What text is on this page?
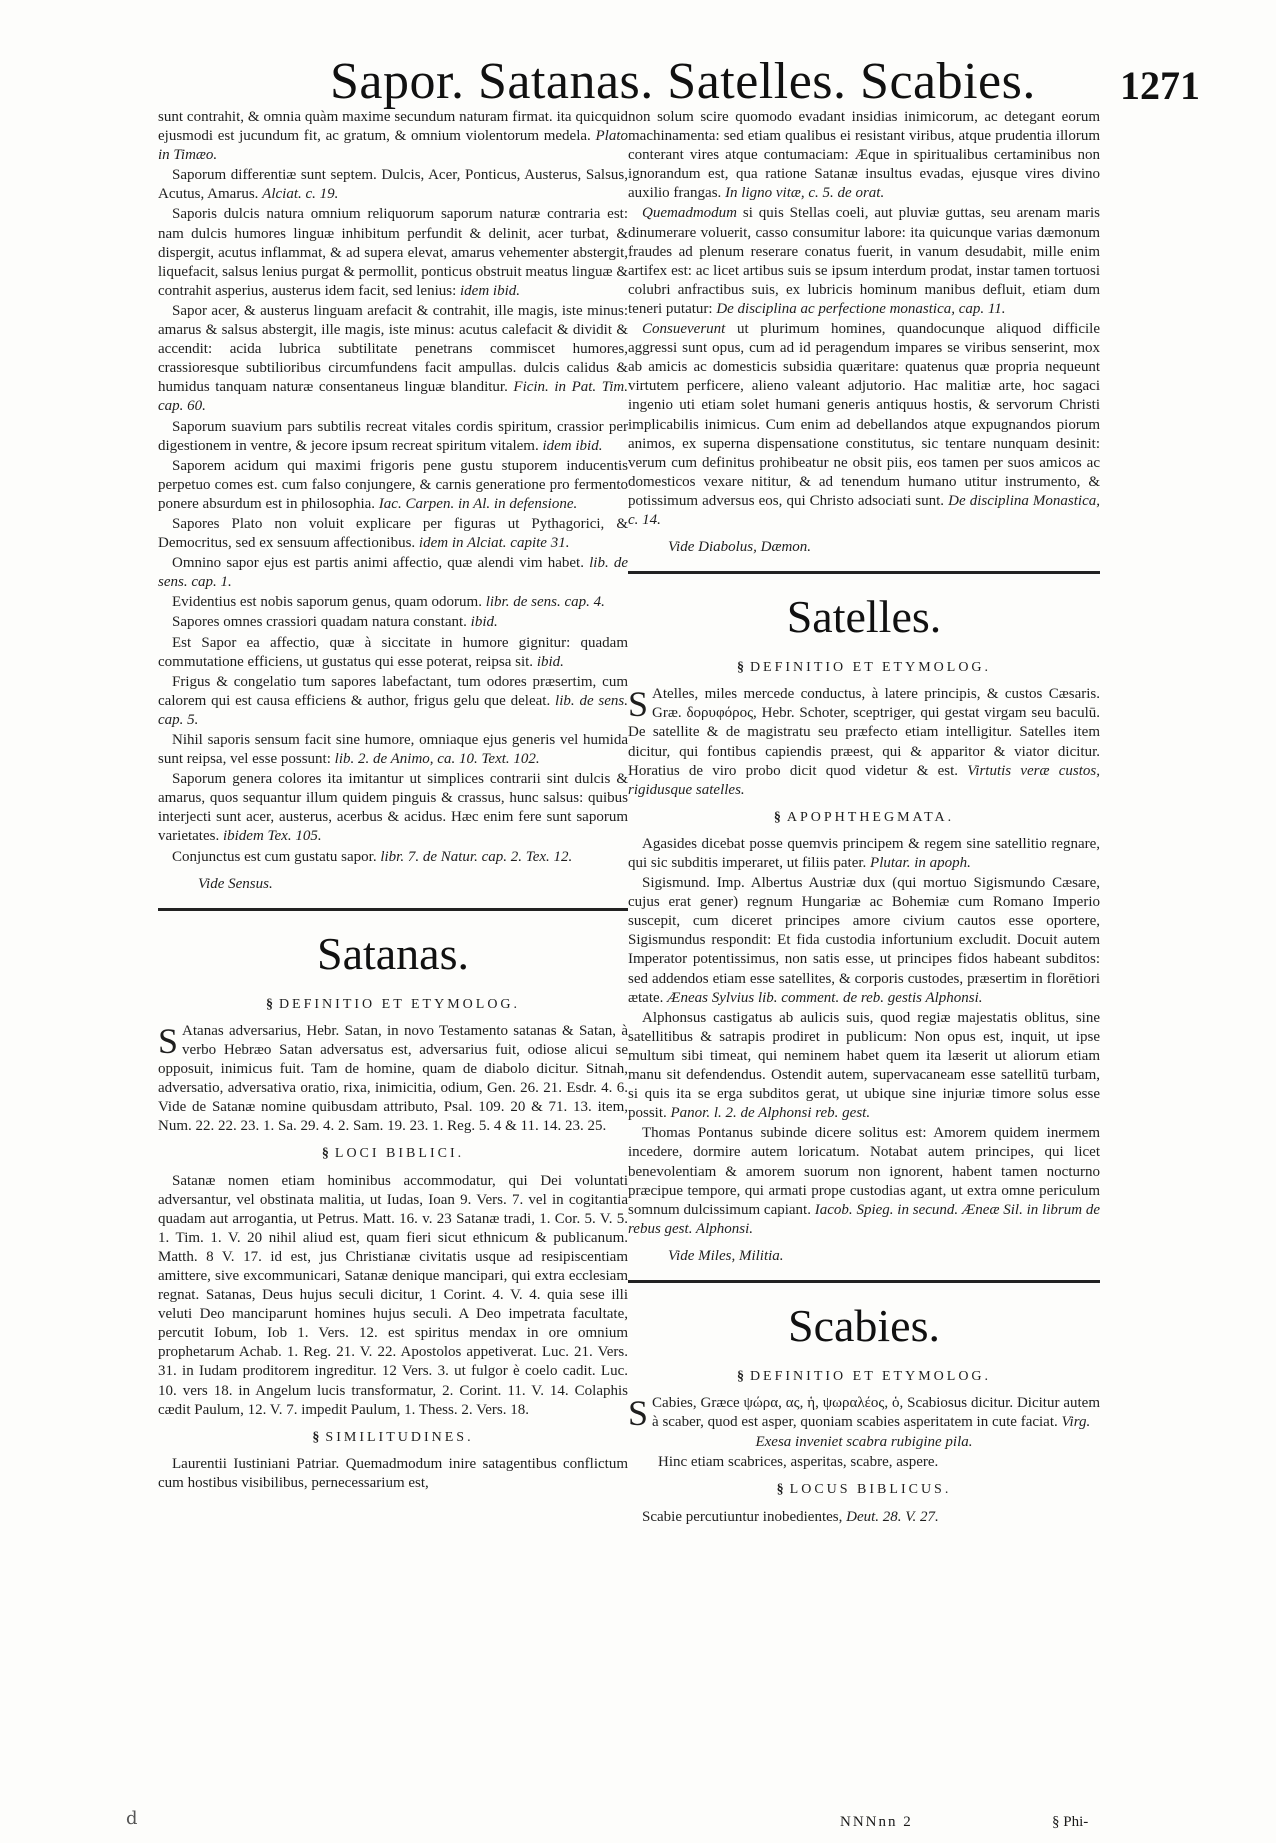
Sapor. Satanas. Satelles. Scabies.	1271

sunt contrahit, & omnia quàm maxime secundum naturam firmat. ita quicquid ejusmodi est jucundum fit, ac gratum, & omnium violentorum medela. Plato in Timæo.

Saporum differentiæ sunt septem. Dulcis, Acer, Ponticus, Austerus, Salsus, Acutus, Amarus. Alciat. c. 19.

Saporis dulcis natura omnium reliquorum saporum naturæ contraria est: nam dulcis humores linguæ inhibitum perfundit & delinit, acer turbat, & dispergit, acutus inflammat, & ad supera elevat, amarus vehementer abstergit, liquefacit, salsus lenius purgat & permollit, ponticus obstruit meatus linguæ & contrahit asperius, austerus idem facit, sed lenius: idem ibid.

Sapor acer, & austerus linguam arefacit & contrahit, ille magis, iste minus: amarus & salsus abstergit, ille magis, iste minus: acutus calefacit & dividit & accendit: acida lubrica subtilitate penetrans commiscet humores, crassioresque subtilioribus circumfundens facit ampullas. dulcis calidus & humidus tanquam naturæ consentaneus linguæ blanditur. Ficin. in Pat. Tim. cap. 60.

Saporum suavium pars subtilis recreat vitales cordis spiritum, crassior per digestionem in ventre, & jecore ipsum recreat spiritum vitalem. idem ibid.

Saporem acidum qui maximi frigoris pene gustu stuporem inducentis perpetuo comes est. cum falso conjungere, & carnis generatione pro fermento ponere absurdum est in philosophia. Iac. Carpen. in Al. in defensione.

Sapores Plato non voluit explicare per figuras ut Pythagorici, & Democritus, sed ex sensuum affectionibus. idem in Alciat. capite 31.

Omnino sapor ejus est partis animi affectio, quæ alendi vim habet. lib. de sens. cap. 1.

Evidentius est nobis saporum genus, quam odorum. libr. de sens. cap. 4.

Sapores omnes crassiori quadam natura constant. ibid.

Est Sapor ea affectio, quæ à siccitate in humore gignitur: quadam commutatione efficiens, ut gustatus qui esse poterat, reipsa sit. ibid.

Frigus & congelatio tum sapores labefactant, tum odores præsertim, cum calorem qui est causa efficiens & author, frigus gelu que deleat. lib. de sens. cap. 5.

Nihil saporis sensum facit sine humore, omniaque ejus generis vel humida sunt reipsa, vel esse possunt: lib. 2. de Animo, ca. 10. Text. 102.

Saporum genera colores ita imitantur ut simplices contrarii sint dulcis & amarus, quos sequantur illum quidem pinguis & crassus, hunc salsus: quibus interjecti sunt acer, austerus, acerbus & acidus. Hæc enim fere sunt saporum varietates. ibidem Tex. 105.

Conjunctus est cum gustatu sapor. libr. 7. de Natur. cap. 2. Tex. 12.

Vide Sensus.

Satanas.
§ DEFINITIO ET ETYMOLOG.

S Atanas adversarius, Hebr. Satan, in novo Testamento satanas & Satan, à verbo Hebræo Satan adversatus est, adversarius fuit, odiose alicui se opposuit, inimicus fuit. Tam de homine, quam de diabolo dicitur. Sitnah, adversatio, adversativa oratio, rixa, inimicitia, odium, Gen. 26. 21. Esdr. 4. 6. Vide de Satanæ nomine quibusdam attributo, Psal. 109. 20 & 71. 13. item, Num. 22. 22. 23. 1. Sa. 29. 4. 2. Sam. 19. 23. 1. Reg. 5. 4 & 11. 14. 23. 25.

§ LOCI BIBLICI.

Satanæ nomen etiam hominibus accommodatur, qui Dei voluntati adversantur, vel obstinata malitia, ut Iudas, Ioan 9. Vers. 7. vel in cogitantia quadam aut arrogantia, ut Petrus. Matt. 16. v. 23 Satanæ tradi, 1. Cor. 5. V. 5. 1. Tim. 1. V. 20 nihil aliud est, quam fieri sicut ethnicum & publicanum. Matth. 8 V. 17. id est, jus Christianæ civitatis usque ad resipiscentiam amittere, sive excommunicari, Satanæ denique mancipari, qui extra ecclesiam regnat. Satanas, Deus hujus seculi dicitur, 1 Corint. 4. V. 4. quia sese illi veluti Deo manciparunt homines hujus seculi. A Deo impetrata facultate, percutit Iobum, Iob 1. Vers. 12. est spiritus mendax in ore omnium prophetarum Achab. 1. Reg. 21. V. 22. Apostolos appetiverat. Luc. 21. Vers. 31. in Iudam proditorem ingreditur. 12 Vers. 3. ut fulgor è coelo cadit. Luc. 10. vers 18. in Angelum lucis transformatur, 2. Corint. 11. V. 14. Colaphis cædit Paulum, 12. V. 7. impedit Paulum, 1. Thess. 2. Vers. 18.

§ SIMILITUDINES.

Laurentii Iustiniani Patriar. Quemadmodum inire satagentibus conflictum cum hostibus visibilibus, pernecessarium est,

non solum scire quomodo evadant insidias inimicorum, ac detegant eorum machinamenta: sed etiam qualibus ei resistant viribus, atque prudentia illorum conterant vires atque contumaciam: Æque in spiritualibus certaminibus non ignorandum est, qua ratione Satanæ insultus evadas, ejusque vires divino auxilio frangas. In ligno vitæ, c. 5. de orat.

Quemadmodum si quis Stellas coeli, aut pluviæ guttas, seu arenam maris dinumerare voluerit, casso consumitur labore: ita quicunque varias dæmonum fraudes ad plenum reserare conatus fuerit, in vanum desudabit, mille enim artifex est: ac licet artibus suis se ipsum interdum prodat, instar tamen tortuosi colubri anfractibus suis, ex lubricis hominum manibus defluit, etiam dum teneri putatur: De disciplina ac perfectione monastica, cap. 11.

Consueverunt ut plurimum homines, quandocunque aliquod difficile aggressi sunt opus, cum ad id peragendum impares se viribus senserint, mox ab amicis ac domesticis subsidia quæritare: quatenus quæ propria nequeunt virtutem perficere, alieno valeant adjutorio. Hac malitiæ arte, hoc sagaci ingenio uti etiam solet humani generis antiquus hostis, & servorum Christi implicabilis inimicus. Cum enim ad debellandos atque expugnandos piorum animos, ex superna dispensatione constitutus, sic tentare nunquam desinit: verum cum definitus prohibeatur ne obsit piis, eos tamen per suos amicos ac domesticos vexare nititur, & ad tenendum humano utitur instrumento, & potissimum adversus eos, qui Christo adsociati sunt. De disciplina Monastica, c. 14.

Vide Diabolus, Dæmon.

Satelles.
§ DEFINITIO ET ETYMOLOG.

S Atelles, miles mercede conductus, à latere principis, & custos Cæsaris. Græ. δορυφόρος, Hebr. Schoter, sceptriger, qui gestat virgam seu baculū. De satellite & de magistratu seu præfecto etiam intelligitur. Satelles item dicitur, qui fontibus capiendis præest, qui & apparitor & viator dicitur. Horatius de viro probo dicit quod videtur & est. Virtutis veræ custos, rigidusque satelles.

§ APOPHTHEGMATA.

Agasides dicebat posse quemvis principem & regem sine satellitio regnare, qui sic subditis imperaret, ut filiis pater. Plutar. in apoph.

Sigismund. Imp. Albertus Austriæ dux (qui mortuo Sigismundo Cæsare, cujus erat gener) regnum Hungariæ ac Bohemiæ cum Romano Imperio suscepit, cum diceret principes amore civium cautos esse oportere, Sigismundus respondit: Et fida custodia infortunium excludit. Docuit autem Imperator potentissimus, non satis esse, ut principes fidos habeant subditos: sed addendos etiam esse satellites, & corporis custodes, præsertim in florētiori ætate. Æneas Sylvius lib. comment. de reb. gestis Alphonsi.

Alphonsus castigatus ab aulicis suis, quod regiæ majestatis oblitus, sine satellitibus & satrapis prodiret in publicum: Non opus est, inquit, ut ipse multum sibi timeat, qui neminem habet quem ita læserit ut aliorum etiam manu sit defendendus. Ostendit autem, supervacaneam esse satellitū turbam, si quis ita se erga subditos gerat, ut ubique sine injuriæ timore solus esse possit. Panor. l. 2. de Alphonsi reb. gest.

Thomas Pontanus subinde dicere solitus est: Amorem quidem inermem incedere, dormire autem loricatum. Notabat autem principes, qui licet benevolentiam & amorem suorum non ignorent, habent tamen nocturno præcipue tempore, qui armati prope custodias agant, ut extra omne periculum somnum dulcissimum capiant. Iacob. Spieg. in secund. Æneæ Sil. in librum de rebus gest. Alphonsi.

Vide Miles, Militia.

Scabies.
§ DEFINITIO ET ETYMOLOG.

S Cabies, Græce ψώρα, ας, ἡ, ψωραλέος, ὁ, Scabiosus dicitur. Dicitur autem à scaber, quod est asper, quoniam scabies asperitatem in cute faciat. Virg.

Exesa inveniet scabra rubigine pila.

Hinc etiam scabrices, asperitas, scabre, aspere.

§ LOCUS BIBLICUS.

Scabie percutiuntur inobedientes, Deut. 28. V. 27.

NNNnn 2	§ Phi-
d
